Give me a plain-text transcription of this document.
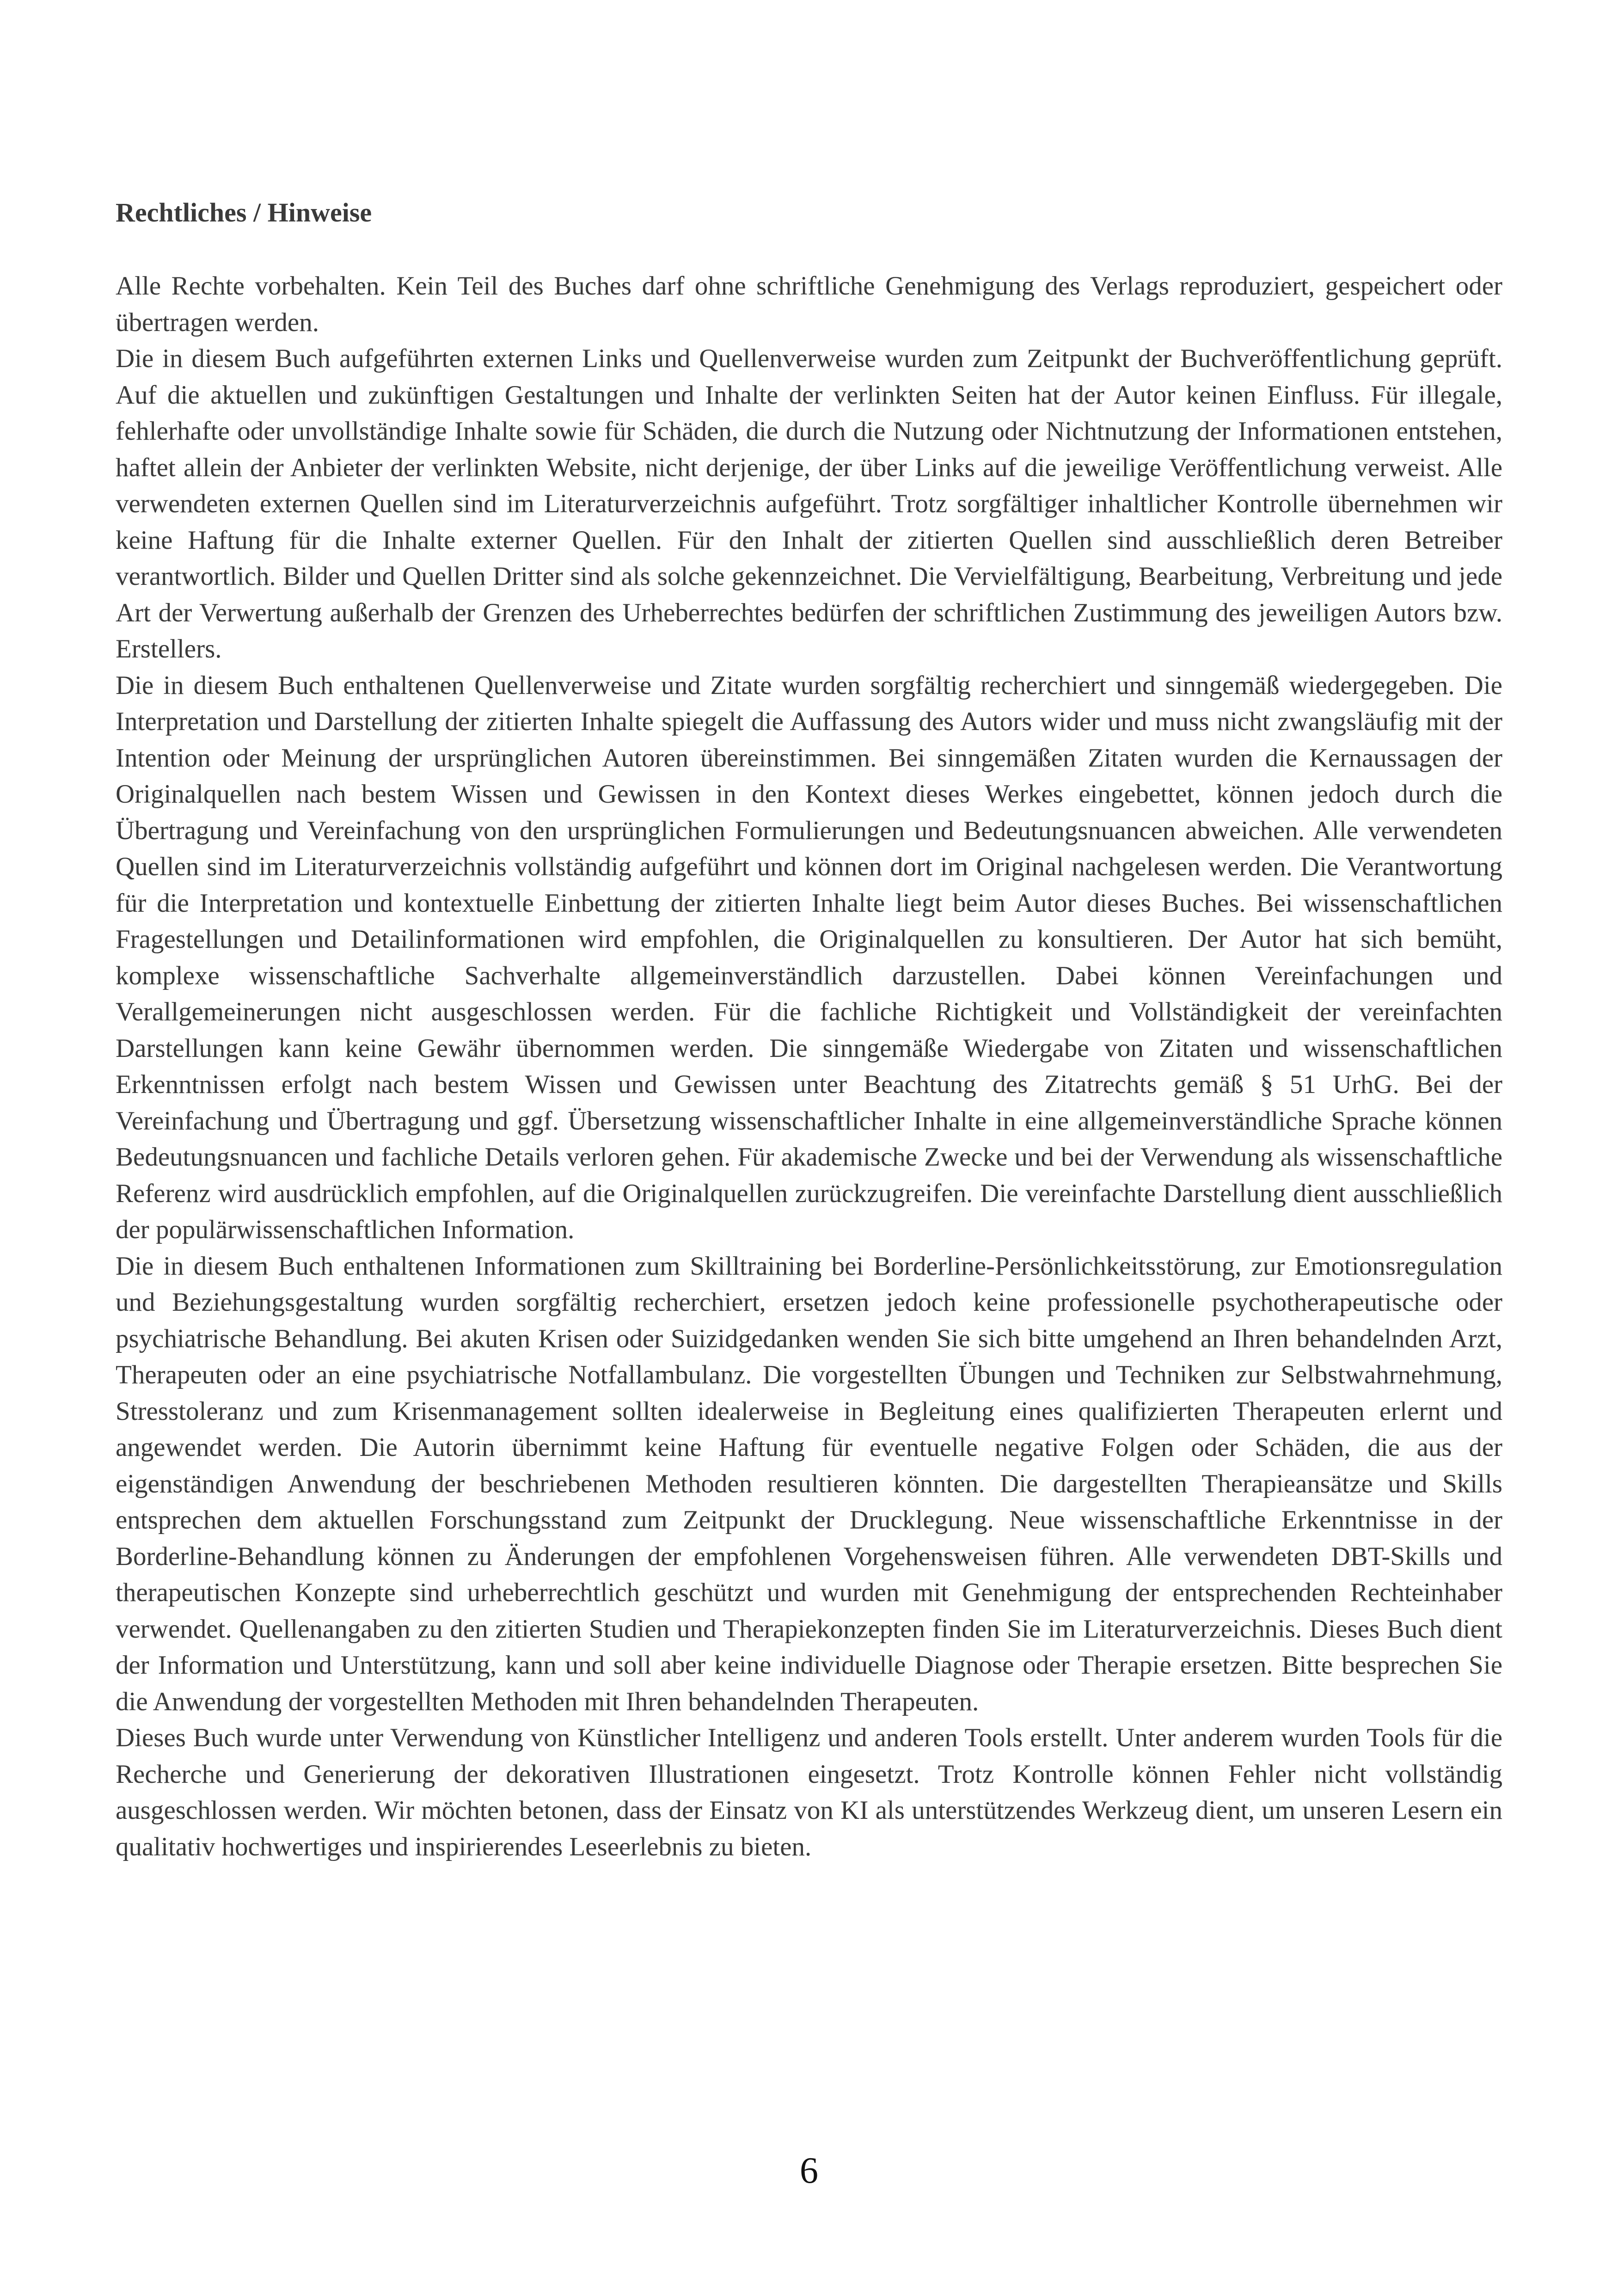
Rechtliches / Hinweise

Alle Rechte vorbehalten. Kein Teil des Buches darf ohne schriftliche Genehmigung des Verlags reproduziert, gespeichert oder übertragen werden.

Die in diesem Buch aufgeführten externen Links und Quellenverweise wurden zum Zeitpunkt der Buchveröffentlichung geprüft. Auf die aktuellen und zukünftigen Gestaltungen und Inhalte der verlinkten Seiten hat der Autor keinen Einfluss. Für illegale, fehlerhafte oder unvollständige Inhalte sowie für Schäden, die durch die Nutzung oder Nichtnutzung der Informationen entstehen, haftet allein der Anbieter der verlinkten Website, nicht derjenige, der über Links auf die jeweilige Veröffentlichung verweist. Alle verwendeten externen Quellen sind im Literaturverzeichnis aufgeführt. Trotz sorgfältiger inhaltlicher Kontrolle übernehmen wir keine Haftung für die Inhalte externer Quellen. Für den Inhalt der zitierten Quellen sind ausschließlich deren Betreiber verantwortlich. Bilder und Quellen Dritter sind als solche gekennzeichnet. Die Vervielfältigung, Bearbeitung, Verbreitung und jede Art der Verwertung außerhalb der Grenzen des Urheberrechtes bedürfen der schriftlichen Zustimmung des jeweiligen Autors bzw. Erstellers.

Die in diesem Buch enthaltenen Quellenverweise und Zitate wurden sorgfältig recherchiert und sinngemäß wiedergegeben. Die Interpretation und Darstellung der zitierten Inhalte spiegelt die Auffassung des Autors wider und muss nicht zwangsläufig mit der Intention oder Meinung der ursprünglichen Autoren übereinstimmen. Bei sinngemäßen Zitaten wurden die Kernaussagen der Originalquellen nach bestem Wissen und Gewissen in den Kontext dieses Werkes eingebettet, können jedoch durch die Übertragung und Vereinfachung von den ursprünglichen Formulierungen und Bedeutungsnuancen abweichen. Alle verwendeten Quellen sind im Literaturverzeichnis vollständig aufgeführt und können dort im Original nachgelesen werden. Die Verantwortung für die Interpretation und kontextuelle Einbettung der zitierten Inhalte liegt beim Autor dieses Buches. Bei wissenschaftlichen Fragestellungen und Detailinformationen wird empfohlen, die Originalquellen zu konsultieren. Der Autor hat sich bemüht, komplexe wissenschaftliche Sachverhalte allgemeinverständlich darzustellen. Dabei können Vereinfachungen und Verallgemeinerungen nicht ausgeschlossen werden. Für die fachliche Richtigkeit und Vollständigkeit der vereinfachten Darstellungen kann keine Gewähr übernommen werden. Die sinngemäße Wiedergabe von Zitaten und wissenschaftlichen Erkenntnissen erfolgt nach bestem Wissen und Gewissen unter Beachtung des Zitatrechts gemäß § 51 UrhG. Bei der Vereinfachung und Übertragung und ggf. Übersetzung wissenschaftlicher Inhalte in eine allgemeinverständliche Sprache können Bedeutungsnuancen und fachliche Details verloren gehen. Für akademische Zwecke und bei der Verwendung als wissenschaftliche Referenz wird ausdrücklich empfohlen, auf die Originalquellen zurückzugreifen. Die vereinfachte Darstellung dient ausschließlich der populärwissenschaftlichen Information.

Die in diesem Buch enthaltenen Informationen zum Skilltraining bei Borderline-Persönlichkeitsstörung, zur Emotionsregulation und Beziehungsgestaltung wurden sorgfältig recherchiert, ersetzen jedoch keine professionelle psychotherapeutische oder psychiatrische Behandlung. Bei akuten Krisen oder Suizidgedanken wenden Sie sich bitte umgehend an Ihren behandelnden Arzt, Therapeuten oder an eine psychiatrische Notfallambulanz. Die vorgestellten Übungen und Techniken zur Selbstwahrnehmung, Stresstoleranz und zum Krisenmanagement sollten idealerweise in Begleitung eines qualifizierten Therapeuten erlernt und angewendet werden. Die Autorin übernimmt keine Haftung für eventuelle negative Folgen oder Schäden, die aus der eigenständigen Anwendung der beschriebenen Methoden resultieren könnten. Die dargestellten Therapieansätze und Skills entsprechen dem aktuellen Forschungsstand zum Zeitpunkt der Drucklegung. Neue wissenschaftliche Erkenntnisse in der Borderline-Behandlung können zu Änderungen der empfohlenen Vorgehensweisen führen. Alle verwendeten DBT-Skills und therapeutischen Konzepte sind urheberrechtlich geschützt und wurden mit Genehmigung der entsprechenden Rechteinhaber verwendet. Quellenangaben zu den zitierten Studien und Therapiekonzepten finden Sie im Literaturverzeichnis. Dieses Buch dient der Information und Unterstützung, kann und soll aber keine individuelle Diagnose oder Therapie ersetzen. Bitte besprechen Sie die Anwendung der vorgestellten Methoden mit Ihren behandelnden Therapeuten.

Dieses Buch wurde unter Verwendung von Künstlicher Intelligenz und anderen Tools erstellt. Unter anderem wurden Tools für die Recherche und Generierung der dekorativen Illustrationen eingesetzt. Trotz Kontrolle können Fehler nicht vollständig ausgeschlossen werden. Wir möchten betonen, dass der Einsatz von KI als unterstützendes Werkzeug dient, um unseren Lesern ein qualitativ hochwertiges und inspirierendes Leseerlebnis zu bieten.

6
